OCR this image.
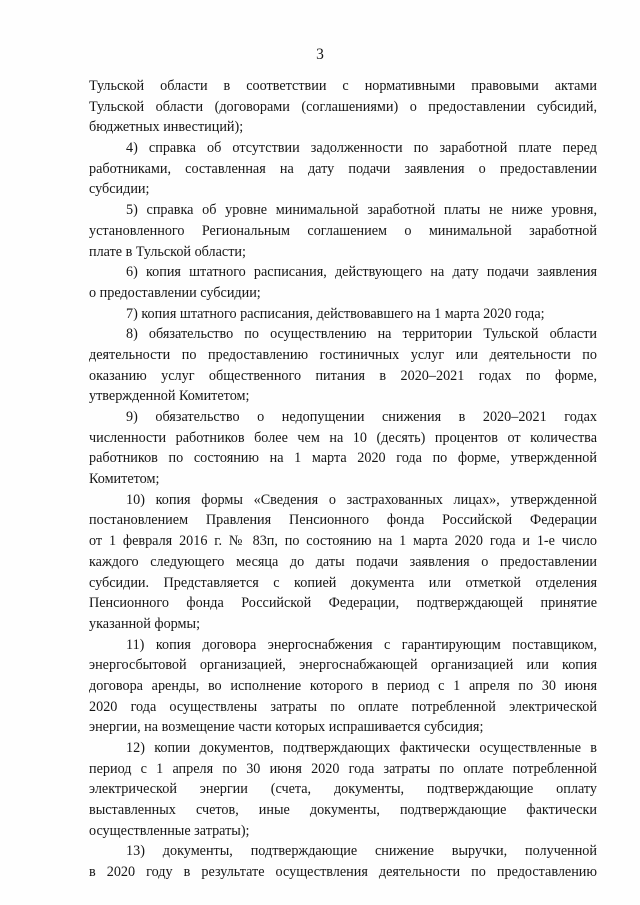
3
Тульской области в соответствии с нормативными правовыми актами
Тульской области (договорами (соглашениями) о предоставлении субсидий,
бюджетных инвестиций);
4) справка об отсутствии задолженности по заработной плате перед
работниками, составленная на дату подачи заявления о предоставлении
субсидии;
5) справка об уровне минимальной заработной платы не ниже уровня,
установленного Региональным соглашением о минимальной заработной
плате в Тульской области;
6) копия штатного расписания, действующего на дату подачи заявления
о предоставлении субсидии;
7) копия штатного расписания, действовавшего на 1 марта 2020 года;
8) обязательство по осуществлению на территории Тульской области
деятельности по предоставлению гостиничных услуг или деятельности по
оказанию услуг общественного питания в 2020–2021 годах по форме,
утвержденной Комитетом;
9) обязательство о недопущении снижения в 2020–2021 годах
численности работников более чем на 10 (десять) процентов от количества
работников по состоянию на 1 марта 2020 года по форме, утвержденной
Комитетом;
10) копия формы «Сведения о застрахованных лицах», утвержденной
постановлением Правления Пенсионного фонда Российской Федерации
от 1 февраля 2016 г. № 83п, по состоянию на 1 марта 2020 года и 1-е число
каждого следующего месяца до даты подачи заявления о предоставлении
субсидии. Представляется с копией документа или отметкой отделения
Пенсионного фонда Российской Федерации, подтверждающей принятие
указанной формы;
11) копия договора энергоснабжения с гарантирующим поставщиком,
энергосбытовой организацией, энергоснабжающей организацией или копия
договора аренды, во исполнение которого в период с 1 апреля по 30 июня
2020 года осуществлены затраты по оплате потребленной электрической
энергии, на возмещение части которых испрашивается субсидия;
12) копии документов, подтверждающих фактически осуществленные в
период с 1 апреля по 30 июня 2020 года затраты по оплате потребленной
электрической энергии (счета, документы, подтверждающие оплату
выставленных счетов, иные документы, подтверждающие фактически
осуществленные затраты);
13) документы, подтверждающие снижение выручки, полученной
в 2020 году в результате осуществления деятельности по предоставлению
